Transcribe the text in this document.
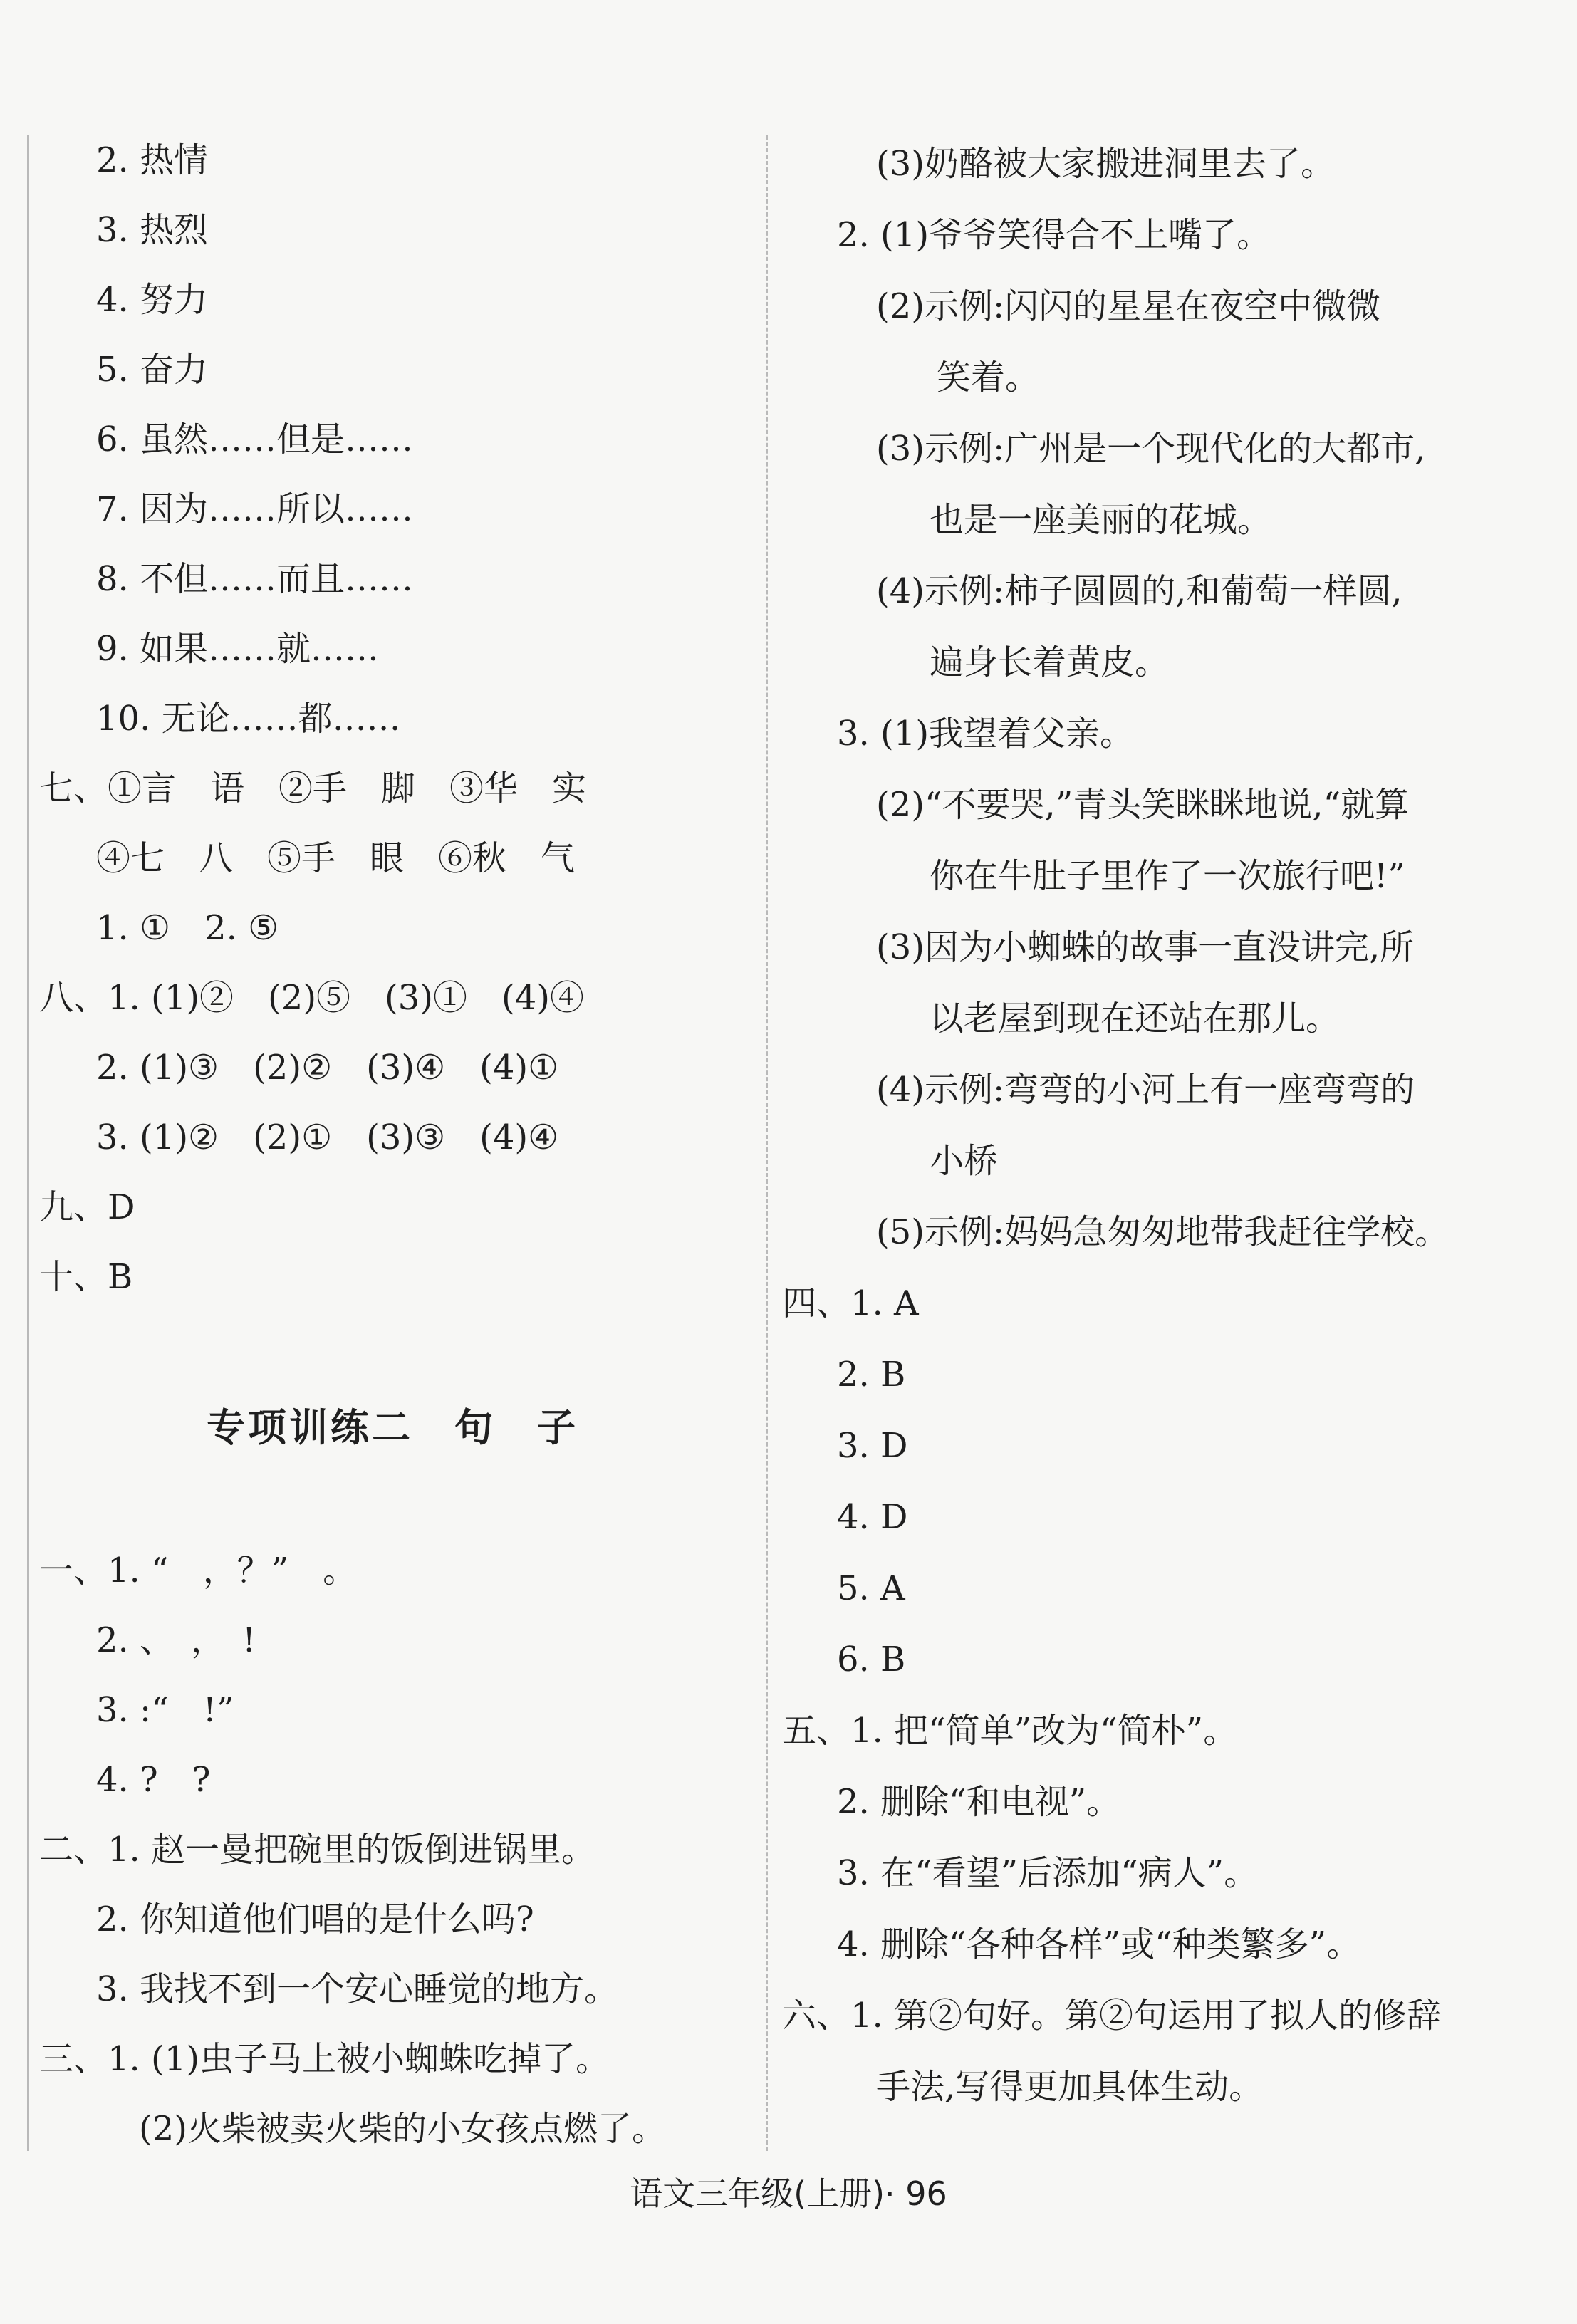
2. 热情
3. 热烈
4. 努力
5. 奋力
6. 虽然……但是……
7. 因为……所以……
8. 不但……而且……
9. 如果……就……
10. 无论……都……
七、①言　语　②手　脚　③华　实
④七　八　⑤手　眼　⑥秋　气
1. ①　2. ⑤
八、1. (1)②　(2)⑤　(3)①　(4)④
2. (1)③　(2)②　(3)④　(4)①
3. (1)②　(2)①　(3)③　(4)④
九、D
十、B
专项训练二　句　子
一、1. “　，？”　。
2. 、　，　!
3. :“　!”
4. ?　?
二、1. 赵一曼把碗里的饭倒进锅里。
2. 你知道他们唱的是什么吗?
3. 我找不到一个安心睡觉的地方。
三、1. (1)虫子马上被小蜘蛛吃掉了。
(2)火柴被卖火柴的小女孩点燃了。
(3)奶酪被大家搬进洞里去了。
2. (1)爷爷笑得合不上嘴了。
(2)示例:闪闪的星星在夜空中微微
笑着。
(3)示例:广州是一个现代化的大都市,
也是一座美丽的花城。
(4)示例:柿子圆圆的,和葡萄一样圆,
遍身长着黄皮。
3. (1)我望着父亲。
(2)“不要哭,”青头笑眯眯地说,“就算
你在牛肚子里作了一次旅行吧!”
(3)因为小蜘蛛的故事一直没讲完,所
以老屋到现在还站在那儿。
(4)示例:弯弯的小河上有一座弯弯的
小桥
(5)示例:妈妈急匆匆地带我赶往学校。
四、1. A
2. B
3. D
4. D
5. A
6. B
五、1. 把“简单”改为“简朴”。
2. 删除“和电视”。
3. 在“看望”后添加“病人”。
4. 删除“各种各样”或“种类繁多”。
六、1. 第②句好。第②句运用了拟人的修辞
手法,写得更加具体生动。
语文三年级(上册)· 96
